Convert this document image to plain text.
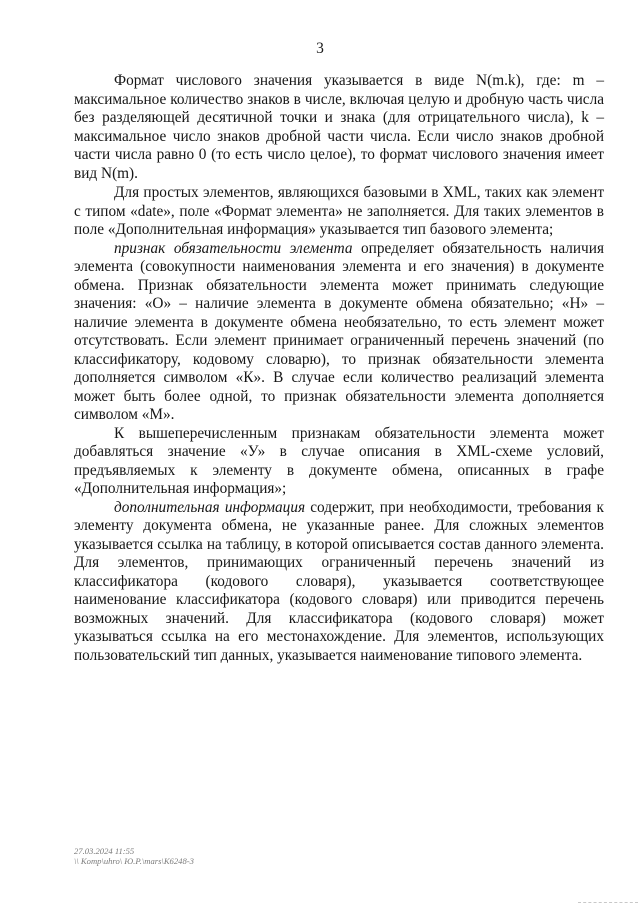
3

Формат числового значения указывается в виде N(m.k), где: m – максимальное количество знаков в числе, включая целую и дробную часть числа без разделяющей десятичной точки и знака (для отрицательного числа), k – максимальное число знаков дробной части числа. Если число знаков дробной части числа равно 0 (то есть число целое), то формат числового значения имеет вид N(m).

Для простых элементов, являющихся базовыми в XML, таких как элемент с типом «date», поле «Формат элемента» не заполняется. Для таких элементов в поле «Дополнительная информация» указывается тип базового элемента;

признак обязательности элемента определяет обязательность наличия элемента (совокупности наименования элемента и его значения) в документе обмена. Признак обязательности элемента может принимать следующие значения: «О» – наличие элемента в документе обмена обязательно; «Н» – наличие элемента в документе обмена необязательно, то есть элемент может отсутствовать. Если элемент принимает ограниченный перечень значений (по классификатору, кодовому словарю), то признак обязательности элемента дополняется символом «К». В случае если количество реализаций элемента может быть более одной, то признак обязательности элемента дополняется символом «М».

К вышеперечисленным признакам обязательности элемента может добавляться значение «У» в случае описания в XML-схеме условий, предъявляемых к элементу в документе обмена, описанных в графе «Дополнительная информация»;

дополнительная информация содержит, при необходимости, требования к элементу документа обмена, не указанные ранее. Для сложных элементов указывается ссылка на таблицу, в которой описывается состав данного элемента. Для элементов, принимающих ограниченный перечень значений из классификатора (кодового словаря), указывается соответствующее наименование классификатора (кодового словаря) или приводится перечень возможных значений. Для классификатора (кодового словаря) может указываться ссылка на его местонахождение. Для элементов, использующих пользовательский тип данных, указывается наименование типового элемента.

27.03.2024 11:55
\\ Komp\uhro\ Ю.Р.\mars\K6248-3
